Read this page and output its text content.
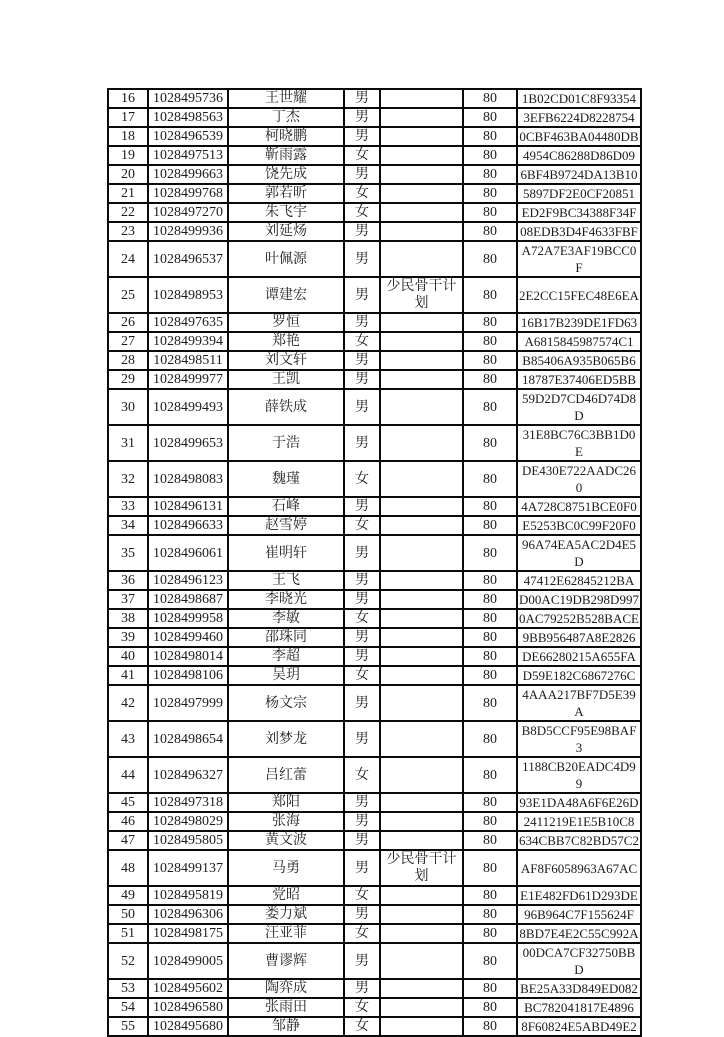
16	1028495736	王世耀	男		80	1B02CD01C8F93354
17	1028498563	丁杰	男		80	3EFB6224D8228754
18	1028496539	柯晓鹏	男		80	0CBF463BA04480DB
19	1028497513	靳雨露	女		80	4954C86288D86D09
20	1028499663	饶先成	男		80	6BF4B9724DA13B10
21	1028499768	郭若昕	女		80	5897DF2E0CF20851
22	1028497270	朱飞宇	女		80	ED2F9BC34388F34F
23	1028499936	刘延炀	男		80	08EDB3D4F4633FBF
24	1028496537	叶佩源	男		80	A72A7E3AF19BCC0F
25	1028498953	谭建宏	男	少民骨干计划	80	2E2CC15FEC48E6EA
26	1028497635	罗恒	男		80	16B17B239DE1FD63
27	1028499394	郑艳	女		80	A6815845987574C1
28	1028498511	刘文轩	男		80	B85406A935B065B6
29	1028499977	王凯	男		80	18787E37406ED5BB
30	1028499493	薛铁成	男		80	59D2D7CD46D74D8D
31	1028499653	于浩	男		80	31E8BC76C3BB1D0E
32	1028498083	魏瑾	女		80	DE430E722AADC260
33	1028496131	石峰	男		80	4A728C8751BCE0F0
34	1028496633	赵雪婷	女		80	E5253BC0C99F20F0
35	1028496061	崔明轩	男		80	96A74EA5AC2D4E5D
36	1028496123	王飞	男		80	47412E62845212BA
37	1028498687	李晓光	男		80	D00AC19DB298D997
38	1028499958	李敏	女		80	0AC79252B528BACE
39	1028499460	邵珠同	男		80	9BB956487A8E2826
40	1028498014	李超	男		80	DE66280215A655FA
41	1028498106	吴玥	女		80	D59E182C6867276C
42	1028497999	杨文宗	男		80	4AAA217BF7D5E39A
43	1028498654	刘梦龙	男		80	B8D5CCF95E98BAF3
44	1028496327	吕红蕾	女		80	1188CB20EADC4D99
45	1028497318	郑阳	男		80	93E1DA48A6F6E26D
46	1028498029	张海	男		80	2411219E1E5B10C8
47	1028495805	黄文波	男		80	634CBB7C82BD57C2
48	1028499137	马勇	男	少民骨干计划	80	AF8F6058963A67AC
49	1028495819	党昭	女		80	E1E482FD61D293DE
50	1028496306	娄力斌	男		80	96B964C7F155624F
51	1028498175	汪亚菲	女		80	8BD7E4E2C55C992A
52	1028499005	曹谬辉	男		80	00DCA7CF32750BBD
53	1028495602	陶弈成	男		80	BE25A33D849ED082
54	1028496580	张雨田	女		80	BC782041817E4896
55	1028495680	邹静	女		80	8F60824E5ABD49E2
